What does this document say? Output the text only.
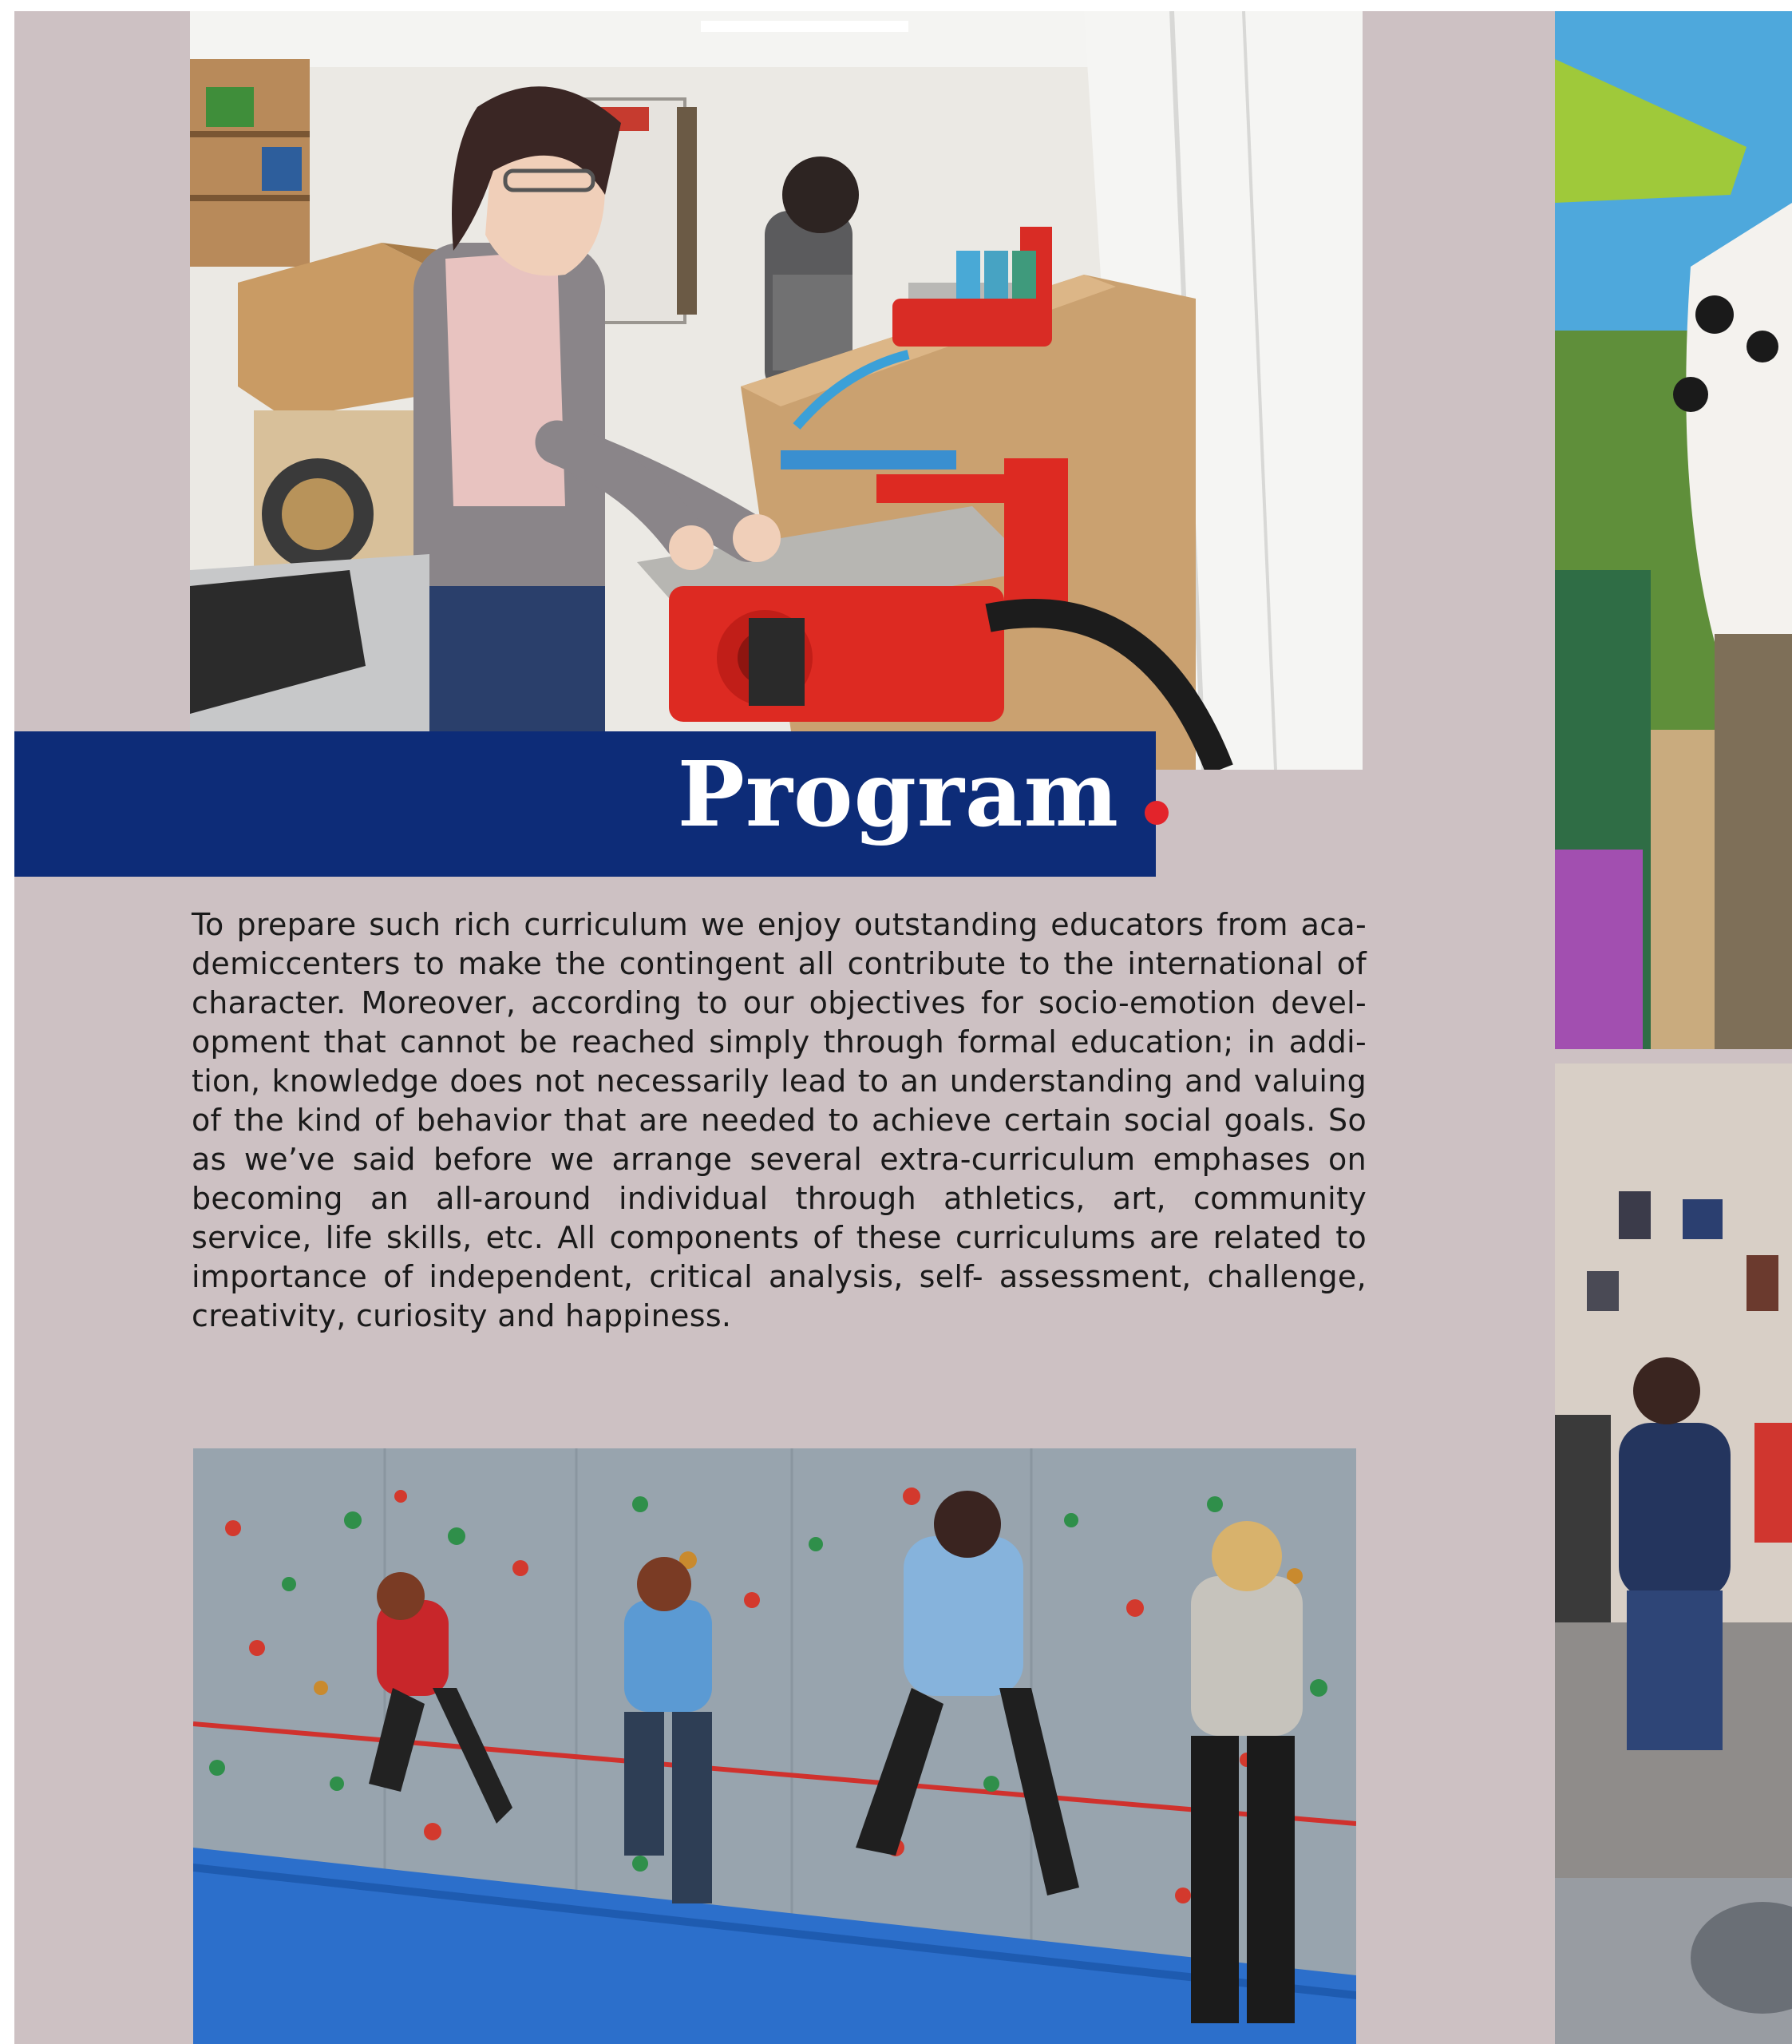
Program

To prepare such rich curriculum we enjoy outstanding educators from aca-demiccenters to make the contingent all contribute to the international of character. Moreover, according to our objectives for socio-emotion devel-opment that cannot be reached simply through formal education; in addi-tion, knowledge does not necessarily lead to an understanding and valuing of the kind of behavior that are needed to achieve certain social goals. So as we’ve said before we arrange several extra-curriculum emphases on becoming an all-around individual through athletics, art, community service, life skills, etc. All components of these curriculums are related to importance of independent, critical analysis, self- assessment, challenge, creativity, curiosity and happiness.
